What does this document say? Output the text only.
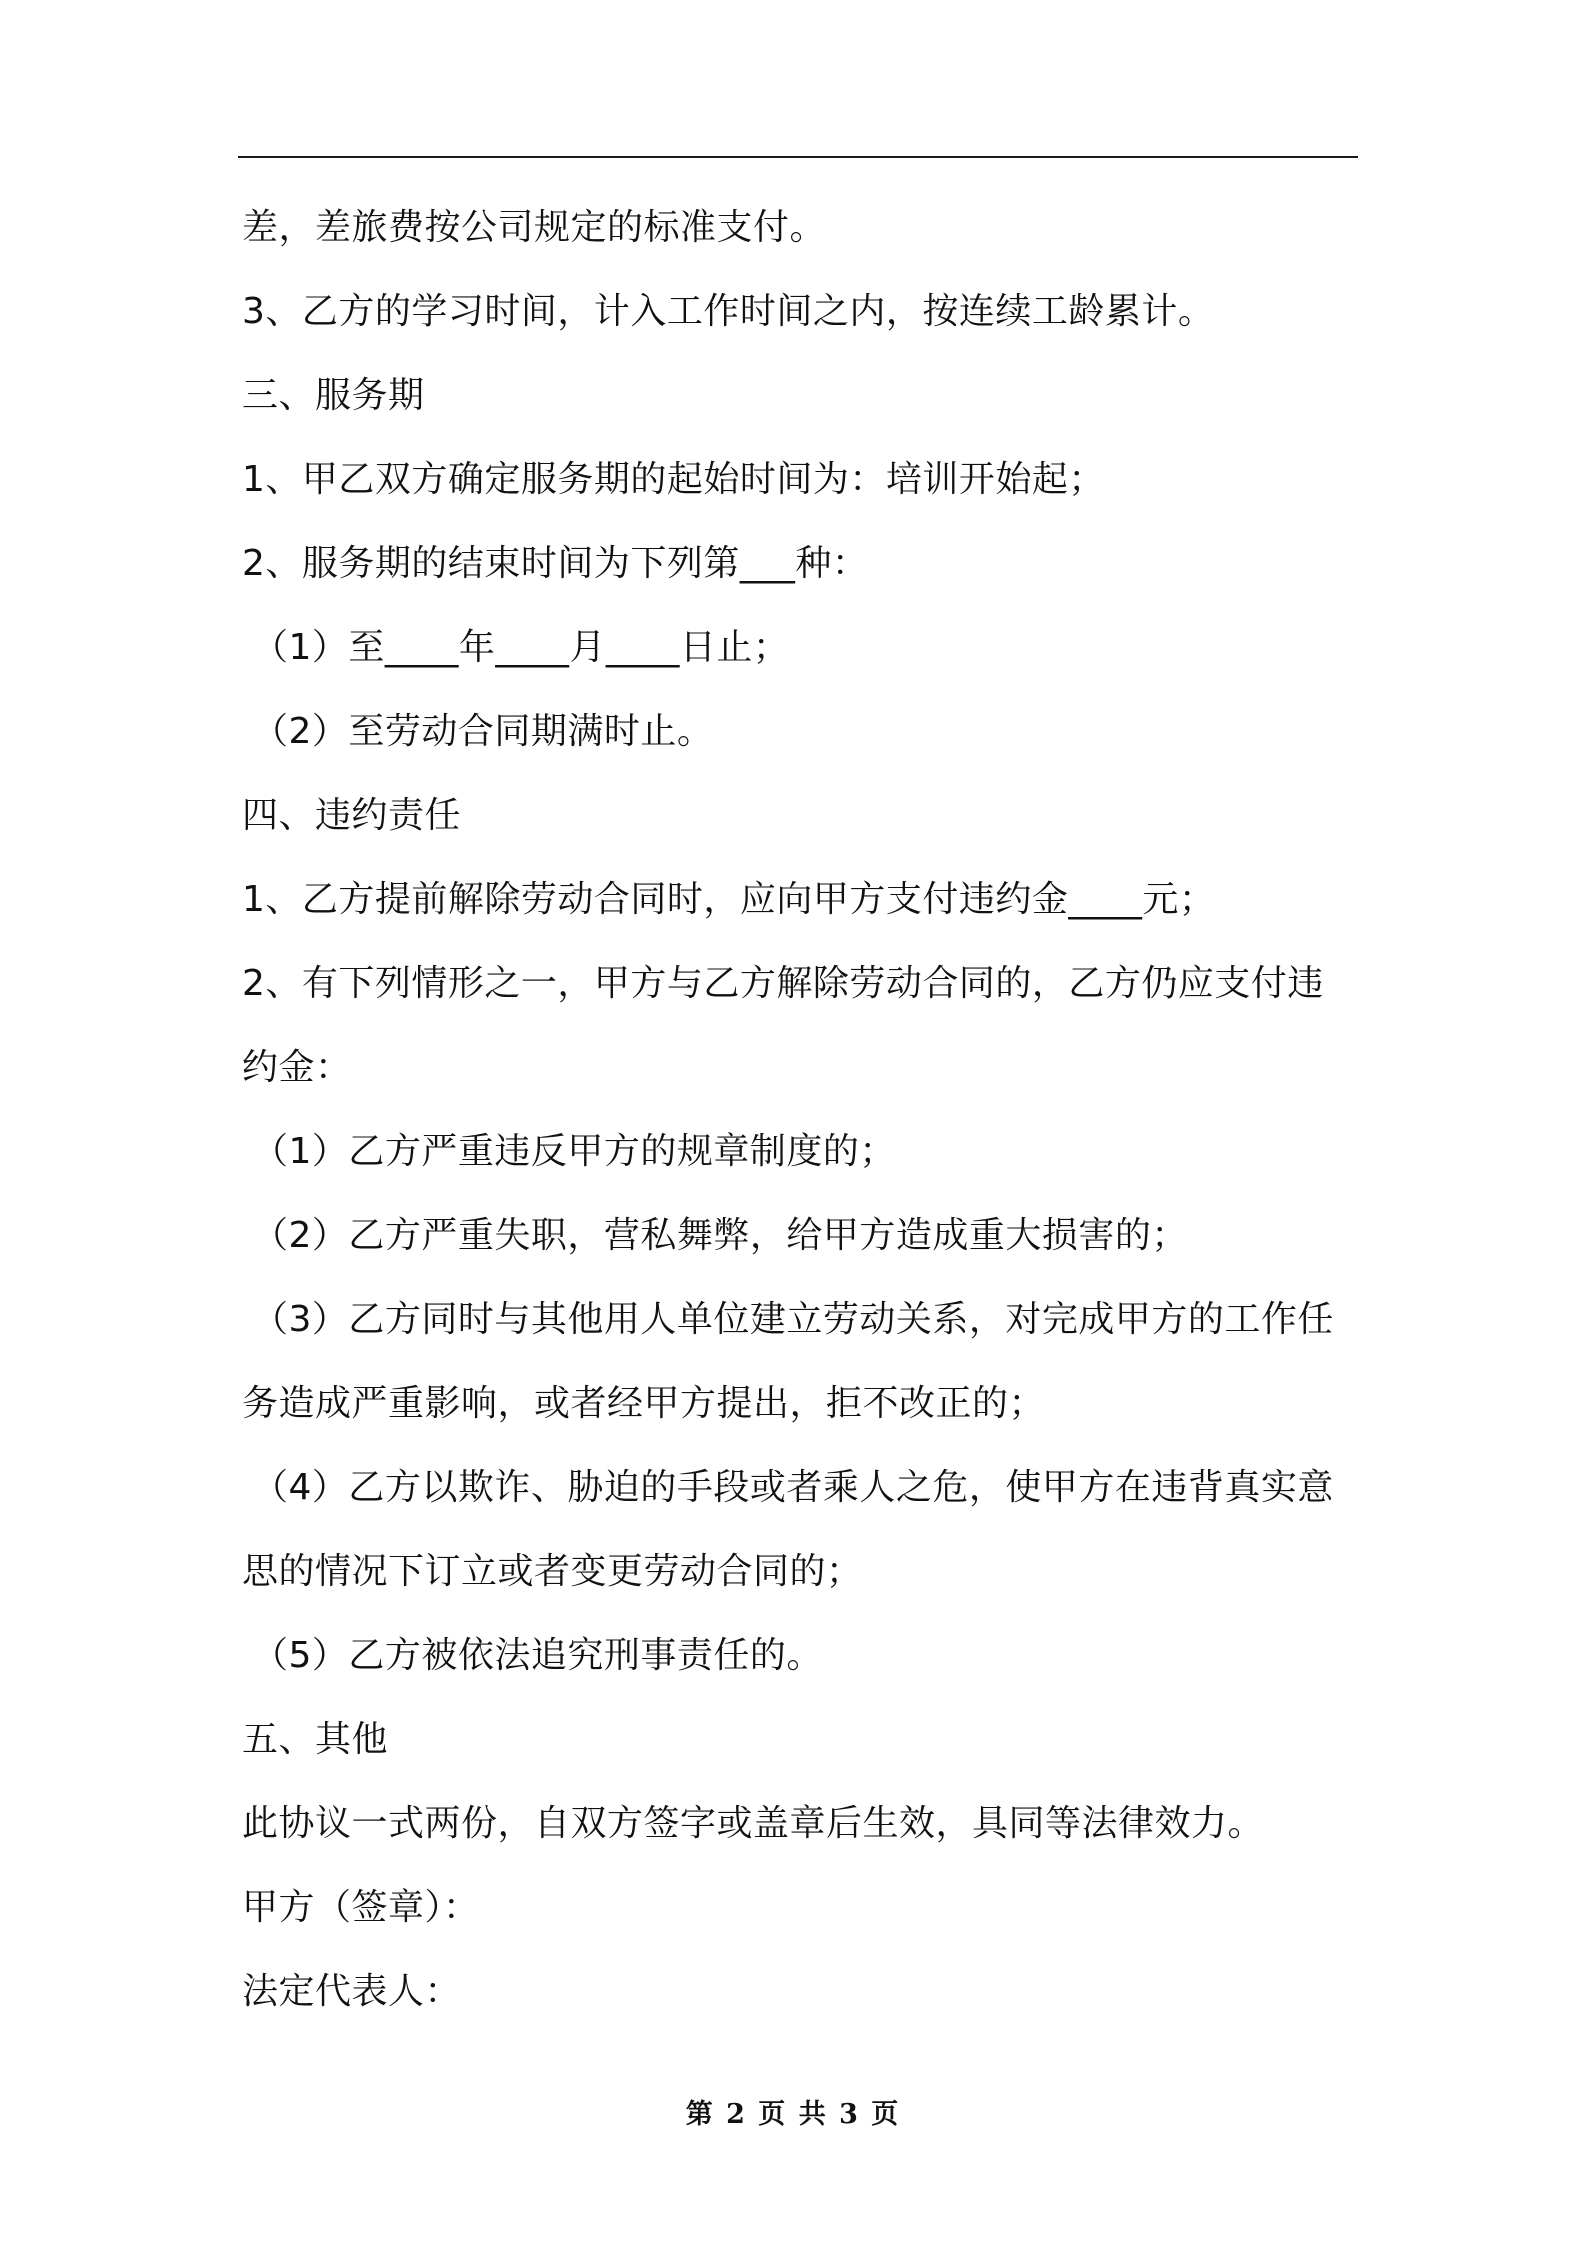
差，差旅费按公司规定的标准支付。
3、乙方的学习时间，计入工作时间之内，按连续工龄累计。
三、服务期
1、甲乙双方确定服务期的起始时间为：培训开始起；
2、服务期的结束时间为下列第___种：
（1）至____年____月____日止；
（2）至劳动合同期满时止。
四、违约责任
1、乙方提前解除劳动合同时，应向甲方支付违约金____元；
2、有下列情形之一，甲方与乙方解除劳动合同的，乙方仍应支付违
约金：
（1）乙方严重违反甲方的规章制度的；
（2）乙方严重失职，营私舞弊，给甲方造成重大损害的；
（3）乙方同时与其他用人单位建立劳动关系，对完成甲方的工作任
务造成严重影响，或者经甲方提出，拒不改正的；
（4）乙方以欺诈、胁迫的手段或者乘人之危，使甲方在违背真实意
思的情况下订立或者变更劳动合同的；
（5）乙方被依法追究刑事责任的。
五、其他
此协议一式两份，自双方签字或盖章后生效，具同等法律效力。
甲方（签章）：
法定代表人：
第 2 页 共 3 页
